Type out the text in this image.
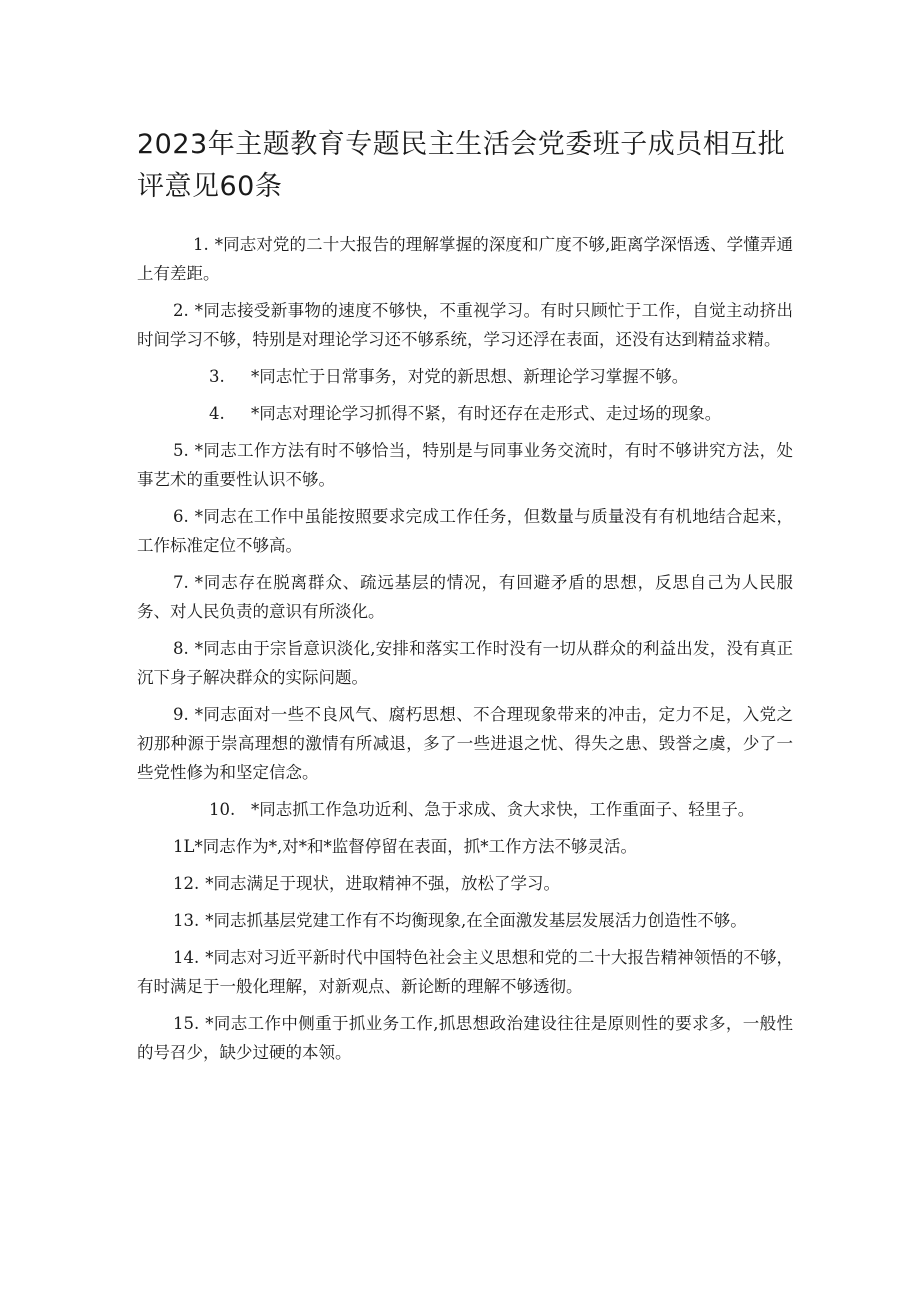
2023年主题教育专题民主生活会党委班子成员相互批评意见60条

1. *同志对党的二十大报告的理解掌握的深度和广度不够,距离学深悟透、学懂弄通上有差距。

2. *同志接受新事物的速度不够快，不重视学习。有时只顾忙于工作，自觉主动挤出时间学习不够，特别是对理论学习还不够系统，学习还浮在表面，还没有达到精益求精。

3. *同志忙于日常事务，对党的新思想、新理论学习掌握不够。

4. *同志对理论学习抓得不紧，有时还存在走形式、走过场的现象。

5. *同志工作方法有时不够恰当，特别是与同事业务交流时，有时不够讲究方法，处事艺术的重要性认识不够。

6. *同志在工作中虽能按照要求完成工作任务，但数量与质量没有有机地结合起来，工作标准定位不够高。

7. *同志存在脱离群众、疏远基层的情况，有回避矛盾的思想，反思自己为人民服务、对人民负责的意识有所淡化。

8. *同志由于宗旨意识淡化,安排和落实工作时没有一切从群众的利益出发，没有真正沉下身子解决群众的实际问题。

9. *同志面对一些不良风气、腐朽思想、不合理现象带来的冲击，定力不足，入党之初那种源于崇高理想的激情有所减退，多了一些进退之忧、得失之患、毁誉之虞，少了一些党性修为和坚定信念。

10. *同志抓工作急功近利、急于求成、贪大求快，工作重面子、轻里子。

1L*同志作为*,对*和*监督停留在表面，抓*工作方法不够灵活。

12. *同志满足于现状，进取精神不强，放松了学习。

13. *同志抓基层党建工作有不均衡现象,在全面激发基层发展活力创造性不够。

14. *同志对习近平新时代中国特色社会主义思想和党的二十大报告精神领悟的不够，有时满足于一般化理解，对新观点、新论断的理解不够透彻。

15. *同志工作中侧重于抓业务工作,抓思想政治建设往往是原则性的要求多，一般性的号召少，缺少过硬的本领。
